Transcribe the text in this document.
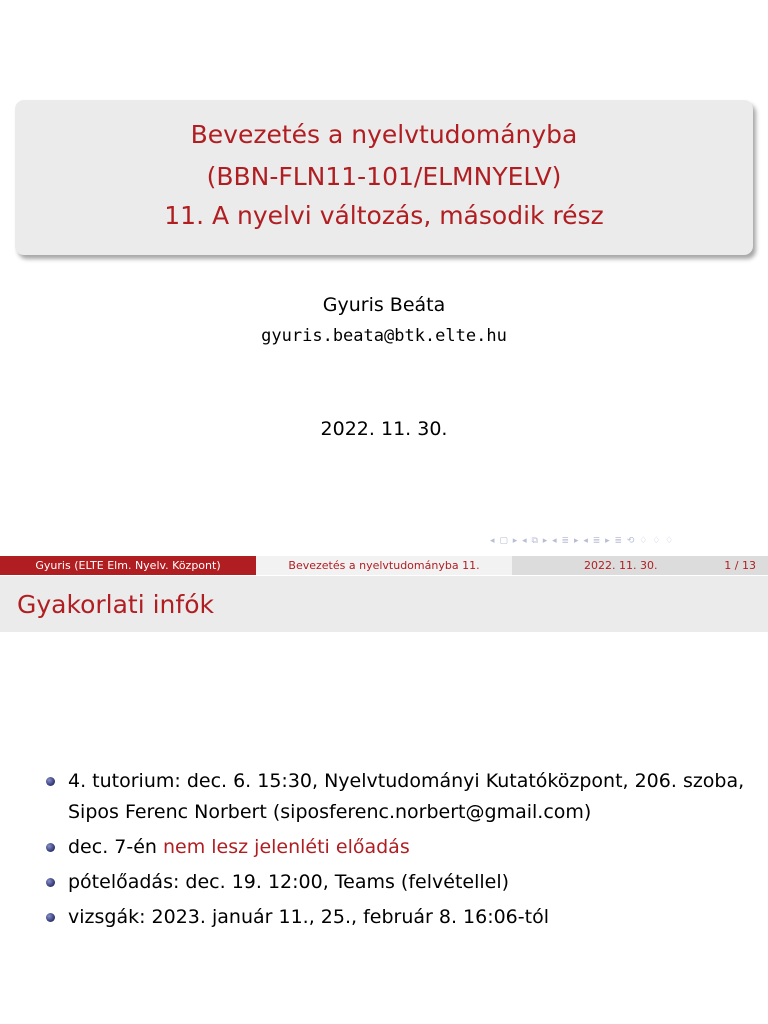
Bevezetés a nyelvtudományba
(BBN-FLN11-101/ELMNYELV)
11. A nyelvi változás, második rész
Gyuris Beáta
gyuris.beata@btk.elte.hu
2022. 11. 30.
◂ ▢ ▸ ◂ ⧉ ▸ ◂ ≣ ▸ ◂ ≣ ▸ ≣ ⟲ ♢ ♢ ♢
Gyuris (ELTE Elm. Nyelv. Központ)	Bevezetés a nyelvtudományba 11.	2022. 11. 30.	1 / 13
Gyakorlati infók
4. tutorium: dec. 6. 15:30, Nyelvtudományi Kutatóközpont, 206. szoba, Sipos Ferenc Norbert (siposferenc.norbert@gmail.com)
dec. 7-én nem lesz jelenléti előadás
pótelőadás: dec. 19. 12:00, Teams (felvétellel)
vizsgák: 2023. január 11., 25., február 8. 16:06-tól
